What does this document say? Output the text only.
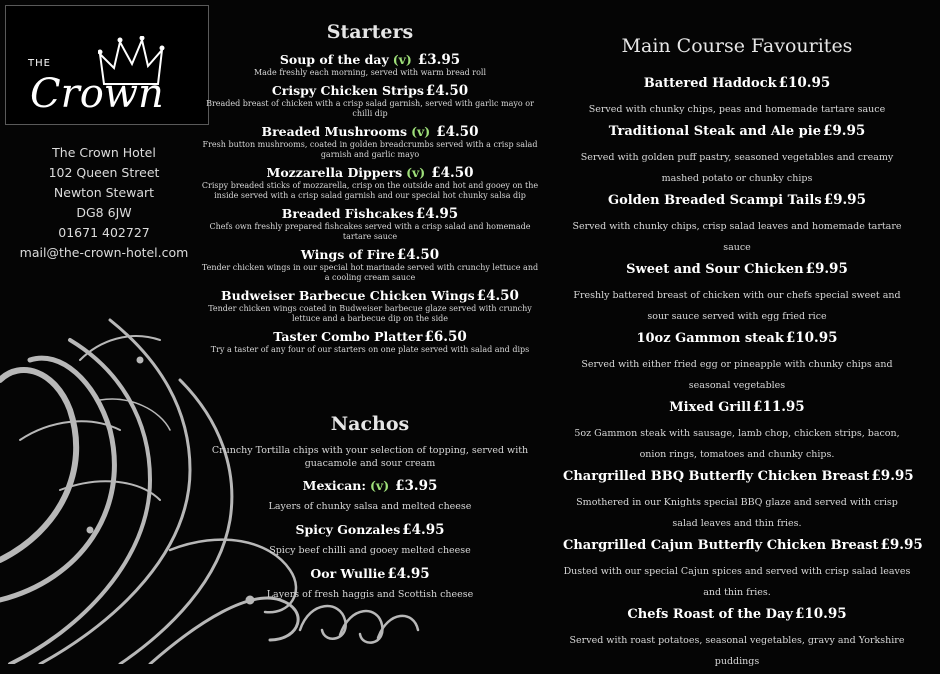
THE
Crown
The Crown Hotel
102 Queen Street
Newton Stewart
DG8 6JW
01671 402727
mail@the-crown-hotel.com
Starters
Soup of the day (v) £3.95
Made freshly each morning, served with warm bread roll
Crispy Chicken Strips £4.50
Breaded breast of chicken with a crisp salad garnish, served with garlic mayo or chilli dip
Breaded Mushrooms (v) £4.50
Fresh button mushrooms, coated in golden breadcrumbs served with a crisp salad garnish and garlic mayo
Mozzarella Dippers (v) £4.50
Crispy breaded sticks of mozzarella, crisp on the outside and hot and gooey on the inside served with a crisp salad garnish and our special hot chunky salsa dip
Breaded Fishcakes £4.95
Chefs own freshly prepared fishcakes served with a crisp salad and homemade tartare sauce
Wings of Fire £4.50
Tender chicken wings in our special hot marinade served with crunchy lettuce and a cooling cream sauce
Budweiser Barbecue Chicken Wings £4.50
Tender chicken wings coated in Budweiser barbecue glaze served with crunchy lettuce and a barbecue dip on the side
Taster Combo Platter £6.50
Try a taster of any four of our starters on one plate served with salad and dips
Nachos
Crunchy Tortilla chips with your selection of topping, served with guacamole and sour cream
Mexican: (v) £3.95
Layers of chunky salsa and melted cheese
Spicy Gonzales £4.95
Spicy beef chilli and gooey melted cheese
Oor Wullie £4.95
Layers of fresh haggis and Scottish cheese
Main Course Favourites
Battered Haddock £10.95
Served with chunky chips, peas and homemade tartare sauce
Traditional Steak and Ale pie £9.95
Served with golden puff pastry, seasoned vegetables and creamy mashed potato or chunky chips
Golden Breaded Scampi Tails £9.95
Served with chunky chips, crisp salad leaves and homemade tartare sauce
Sweet and Sour Chicken £9.95
Freshly battered breast of chicken with our chefs special sweet and sour sauce served with egg fried rice
10oz Gammon steak £10.95
Served with either fried egg or pineapple with chunky chips and seasonal vegetables
Mixed Grill £11.95
5oz Gammon steak with sausage, lamb chop, chicken strips, bacon, onion rings, tomatoes and chunky chips.
Chargrilled BBQ Butterfly Chicken Breast £9.95
Smothered in our Knights special BBQ glaze and served with crisp salad leaves and thin fries.
Chargrilled Cajun Butterfly Chicken Breast £9.95
Dusted with our special Cajun spices and served with crisp salad leaves and thin fries.
Chefs Roast of the Day £10.95
Served with roast potatoes, seasonal vegetables, gravy and Yorkshire puddings
